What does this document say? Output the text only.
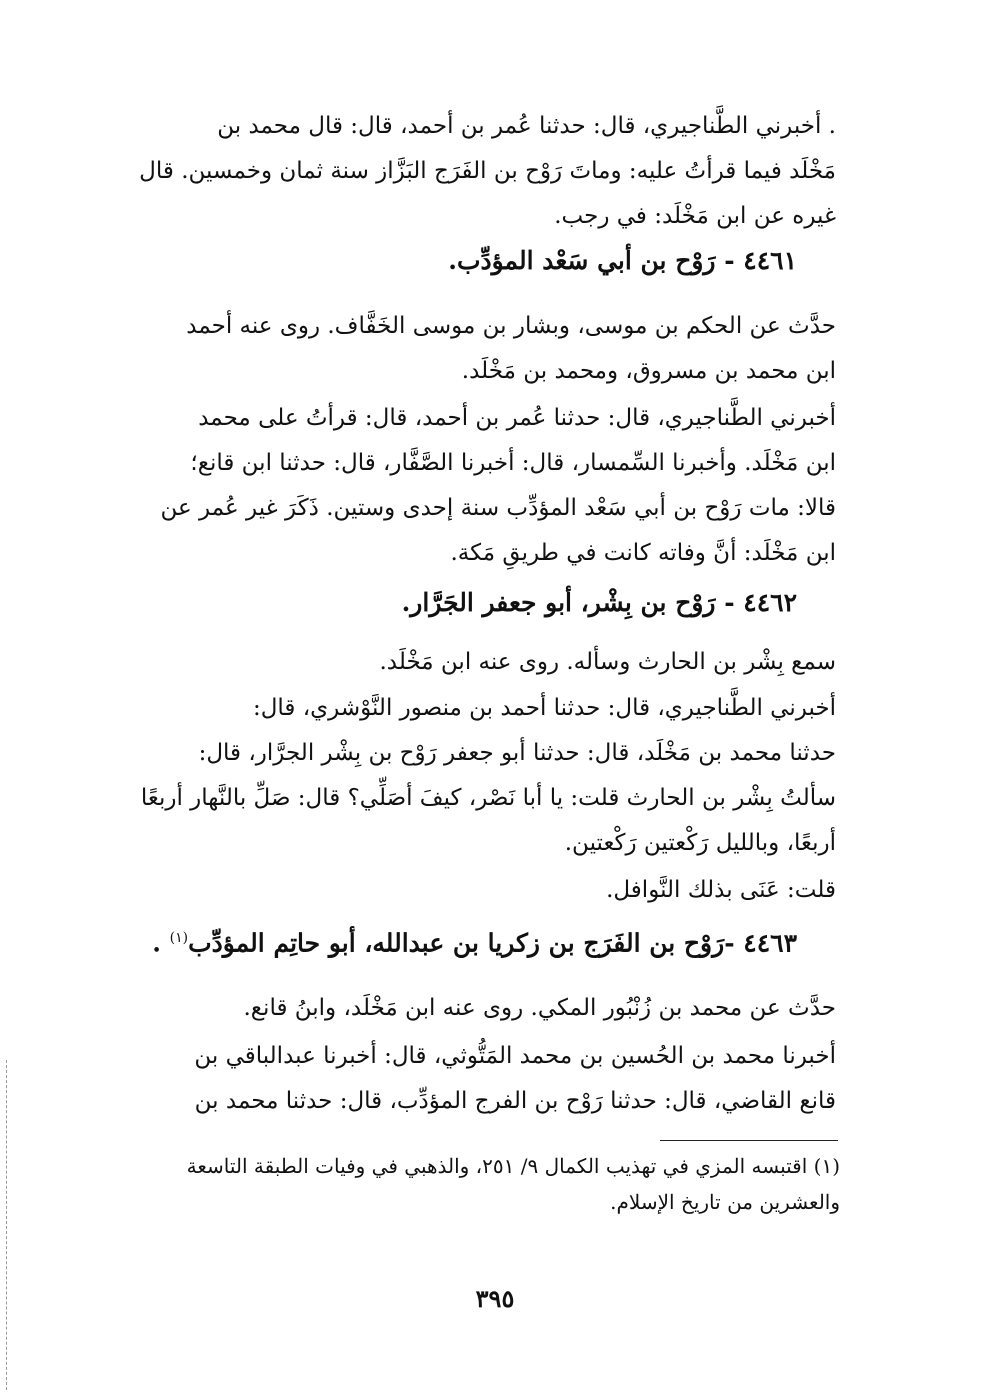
. أخبرني الطَّناجيري، قال: حدثنا عُمر بن أحمد، قال: قال محمد بن
مَخْلَد فيما قرأتُ عليه: وماتَ رَوْح بن الفَرَج البَزَّاز سنة ثمان وخمسين. قال
غيره عن ابن مَخْلَد: في رجب.
٤٤٦١ - رَوْح بن أبي سَعْد المؤدِّب.
حدَّث عن الحكم بن موسى، وبشار بن موسى الخَفَّاف. روى عنه أحمد
ابن محمد بن مسروق، ومحمد بن مَخْلَد.
أخبرني الطَّناجيري، قال: حدثنا عُمر بن أحمد، قال: قرأتُ على محمد
ابن مَخْلَد. وأخبرنا السِّمسار، قال: أخبرنا الصَّفَّار، قال: حدثنا ابن قانع؛
قالا: مات رَوْح بن أبي سَعْد المؤدِّب سنة إحدى وستين. ذَكَرَ غير عُمر عن
ابن مَخْلَد: أنَّ وفاته كانت في طريقِ مَكة.
٤٤٦٢ - رَوْح بن بِشْر، أبو جعفر الجَرَّار.
سمع بِشْر بن الحارث وسأله. روى عنه ابن مَخْلَد.
أخبرني الطَّناجيري، قال: حدثنا أحمد بن منصور النَّوْشري، قال:
حدثنا محمد بن مَخْلَد، قال: حدثنا أبو جعفر رَوْح بن بِشْر الجرَّار، قال:
سألتُ بِشْر بن الحارث قلت: يا أبا نَصْر، كيفَ أصَلِّي؟ قال: صَلِّ بالنَّهار أربعًا
أربعًا، وبالليل رَكْعتين رَكْعتين.
قلت: عَنَى بذلك النَّوافل.
٤٤٦٣ -رَوْح بن الفَرَج بن زكريا بن عبدالله، أبو حاتِم المؤدِّب$^{(١)}$ .
حدَّث عن محمد بن زُنْبُور المكي. روى عنه ابن مَخْلَد، وابنُ قانع.
أخبرنا محمد بن الحُسين بن محمد المَتُّوثي، قال: أخبرنا عبدالباقي بن
قانع القاضي، قال: حدثنا رَوْح بن الفرج المؤدِّب، قال: حدثنا محمد بن
(١) اقتبسه المزي في تهذيب الكمال ٩/ ٢٥١، والذهبي في وفيات الطبقة التاسعة
والعشرين من تاريخ الإسلام.
٣٩٥
